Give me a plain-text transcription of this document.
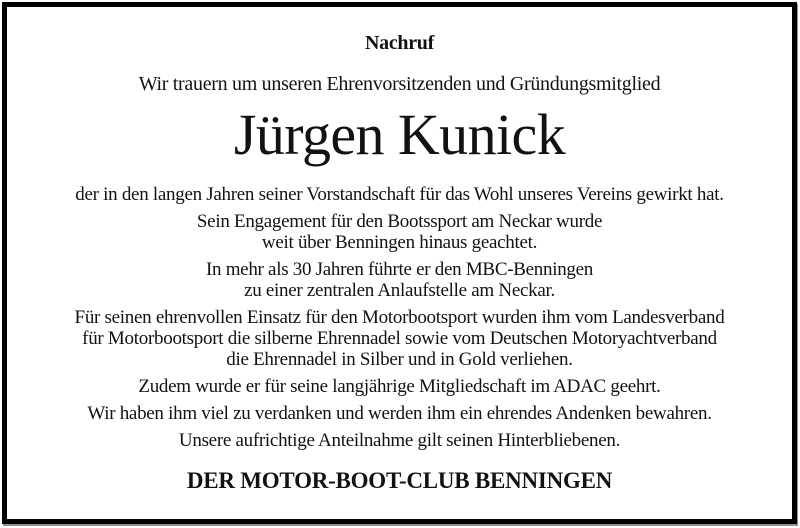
Nachruf
Wir trauern um unseren Ehrenvorsitzenden und Gründungsmitglied
Jürgen Kunick
der in den langen Jahren seiner Vorstandschaft für das Wohl unseres Vereins gewirkt hat.
Sein Engagement für den Bootssport am Neckar wurde
weit über Benningen hinaus geachtet.
In mehr als 30 Jahren führte er den MBC-Benningen
zu einer zentralen Anlaufstelle am Neckar.
Für seinen ehrenvollen Einsatz für den Motorbootsport wurden ihm vom Landesverband
für Motorbootsport die silberne Ehrennadel sowie vom Deutschen Motoryachtverband
die Ehrennadel in Silber und in Gold verliehen.
Zudem wurde er für seine langjährige Mitgliedschaft im ADAC geehrt.
Wir haben ihm viel zu verdanken und werden ihm ein ehrendes Andenken bewahren.
Unsere aufrichtige Anteilnahme gilt seinen Hinterbliebenen.
DER MOTOR-BOOT-CLUB BENNINGEN
